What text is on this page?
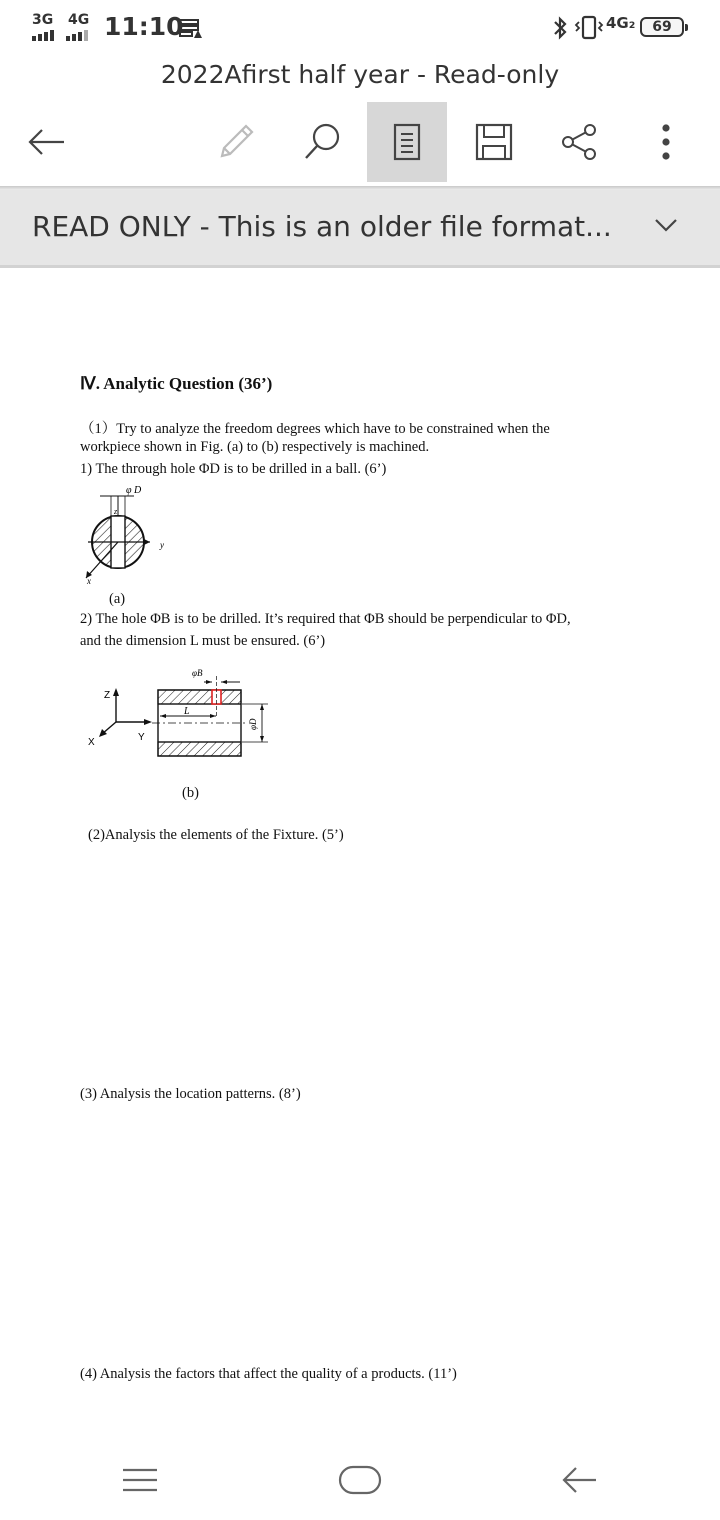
3G 4G 11:10	4G₂	69
2022Afirst half year - Read-only
READ ONLY - This is an older file format...

Ⅳ. Analytic Question (36’)

（1）Try to analyze the freedom degrees which have to be constrained when the

workpiece shown in Fig. (a) to (b) respectively is machined.

1) The through hole ΦD is to be drilled in a ball. (6’)

φ D
z
y
x

(a)

2) The hole ΦB is to be drilled. It’s required that ΦB should be perpendicular to ΦD,

and the dimension L must be ensured. (6’)

Z
Y
X
φB
L
φD

(b)

(2)Analysis the elements of the Fixture. (5’)

(3) Analysis the location patterns. (8’)

(4) Analysis the factors that affect the quality of a products. (11’)
